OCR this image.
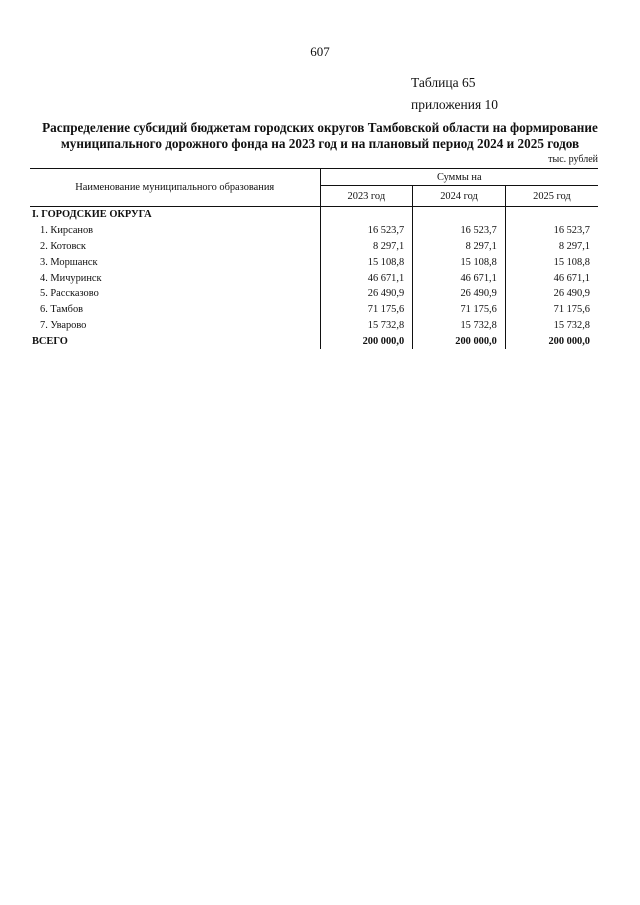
607
Таблица 65
приложения 10
Распределение субсидий бюджетам городских округов Тамбовской области на формирование
муниципального дорожного фонда на 2023 год и на плановый период 2024 и 2025 годов
тыс. рублей
Наименование муниципального образования	Суммы на		
	2023 год	2024 год	2025 год
I. ГОРОДСКИЕ ОКРУГА			
1. Кирсанов	16 523,7	16 523,7	16 523,7
2. Котовск	8 297,1	8 297,1	8 297,1
3. Моршанск	15 108,8	15 108,8	15 108,8
4. Мичуринск	46 671,1	46 671,1	46 671,1
5. Рассказово	26 490,9	26 490,9	26 490,9
6. Тамбов	71 175,6	71 175,6	71 175,6
7. Уварово	15 732,8	15 732,8	15 732,8
ВСЕГО	200 000,0	200 000,0	200 000,0
